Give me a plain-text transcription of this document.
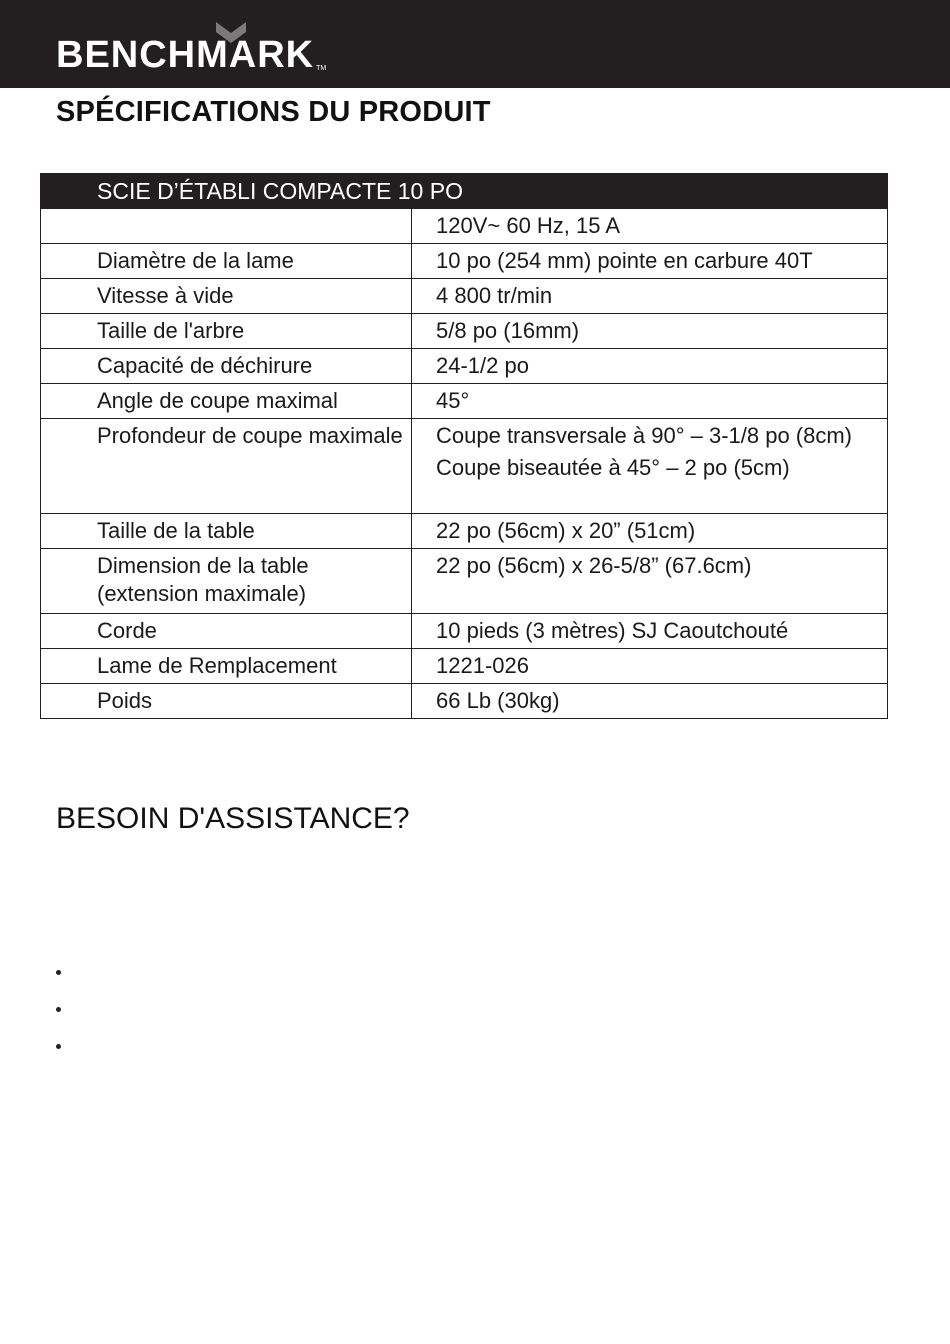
BENCHMARK TM
SPÉCIFICATIONS DU PRODUIT
SCIE D’ÉTABLI COMPACTE 10 PO	
	120V~ 60 Hz, 15 A
Diamètre de la lame	10 po (254 mm) pointe en carbure 40T
Vitesse à vide	4 800 tr/min
Taille de l'arbre	5/8 po (16mm)
Capacité de déchirure	24-1/2 po
Angle de coupe maximal	45°
Profondeur de coupe maximale	Coupe transversale à 90° – 3-1/8 po (8cm)
Coupe biseautée à 45° – 2 po (5cm)

Taille de la table	22 po (56cm) x 20” (51cm)
Dimension de la table (extension maximale)	22 po (56cm) x 26-5/8” (67.6cm)
Corde	10 pieds (3 mètres) SJ Caoutchouté
Lame de Remplacement	1221-026
Poids	66 Lb (30kg)
BESOIN D'ASSISTANCE?
